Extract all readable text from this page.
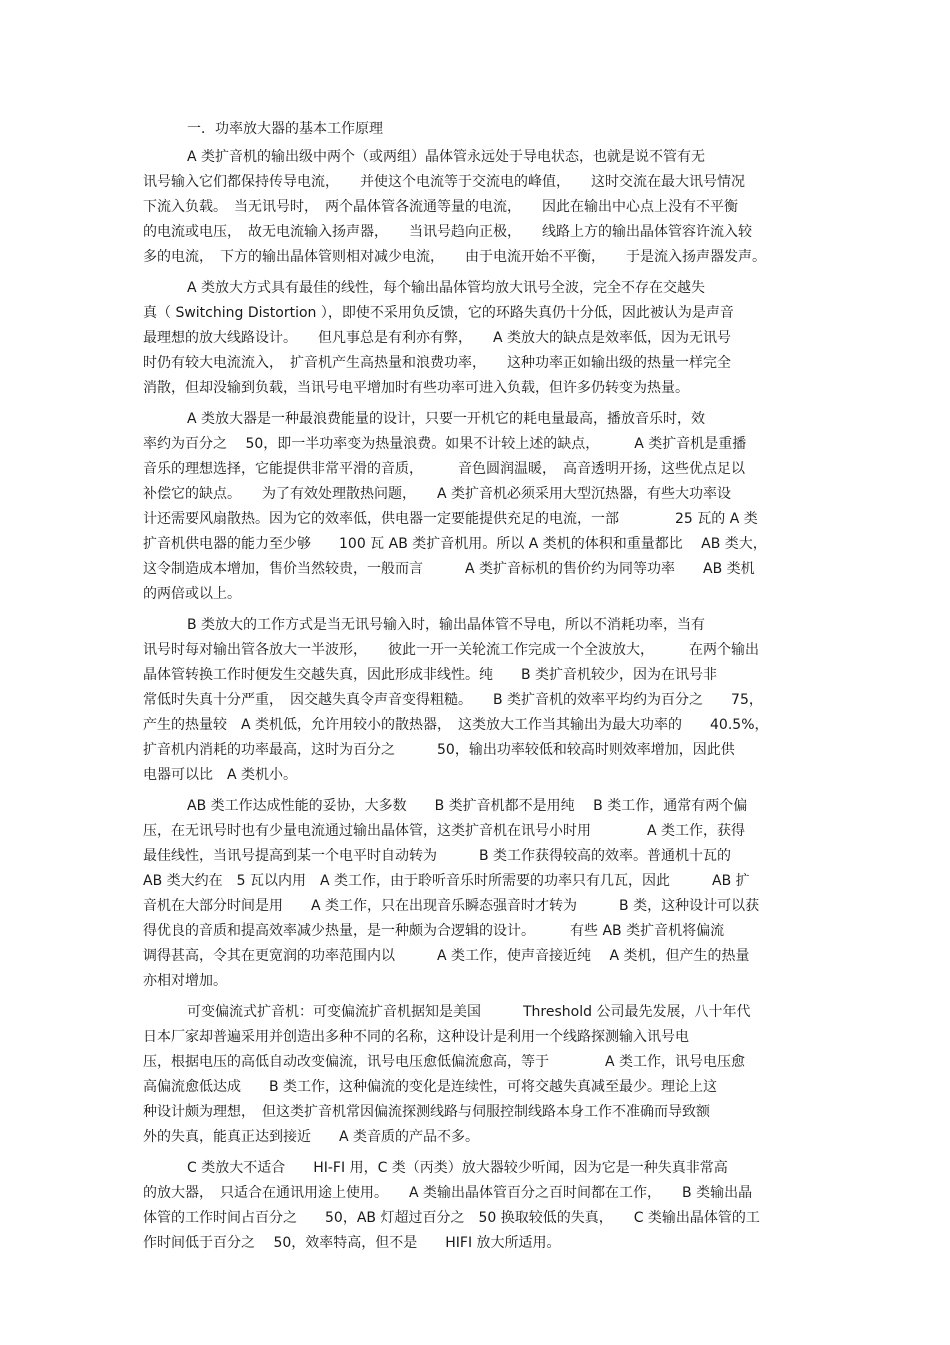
一．功率放大器的基本工作原理
A 类扩音机的输出级中两个（或两组）晶体管永远处于导电状态，也就是说不管有无
讯号输入它们都保持传导电流，　　并使这个电流等于交流电的峰值，　　这时交流在最大讯号情况
下流入负载。　当无讯号时，　两个晶体管各流通等量的电流，　　因此在输出中心点上没有不平衡
的电流或电压，　故无电流输入扬声器，　　当讯号趋向正极，　　线路上方的输出晶体管容许流入较
多的电流，　下方的输出晶体管则相对减少电流，　　由于电流开始不平衡，　　于是流入扬声器发声。
A 类放大方式具有最佳的线性，每个输出晶体管均放大讯号全波，完全不存在交越失
真（ Switching Distortion ），即使不采用负反馈，它的环路失真仍十分低，因此被认为是声音
最理想的放大线路设计。　　但凡事总是有利亦有弊，　　A 类放大的缺点是效率低，因为无讯号
时仍有较大电流流入，　扩音机产生高热量和浪费功率，　　这种功率正如输出级的热量一样完全
消散，但却没输到负载，当讯号电平增加时有些功率可进入负载，但许多仍转变为热量。
A 类放大器是一种最浪费能量的设计，只要一开机它的耗电量最高，播放音乐时，效
率约为百分之　 50，即一半功率变为热量浪费。如果不计较上述的缺点，　　　A 类扩音机是重播
音乐的理想选择，它能提供非常平滑的音质，　　　音色圆润温暖，　高音透明开扬，这些优点足以
补偿它的缺点。　　为了有效处理散热问题，　　A 类扩音机必须采用大型沉热器，有些大功率设
计还需要风扇散热。因为它的效率低，供电器一定要能提供充足的电流，一部　　　　25 瓦的 A 类
扩音机供电器的能力至少够　　100 瓦 AB 类扩音机用。所以 A 类机的体积和重量都比　 AB 类大，
这令制造成本增加，售价当然较贵，一般而言　　　A 类扩音标机的售价约为同等功率　　AB 类机
的两倍或以上。
B 类放大的工作方式是当无讯号输入时，输出晶体管不导电，所以不消耗功率，当有
讯号时每对输出管各放大一半波形，　　彼此一开一关轮流工作完成一个全波放大，　　　在两个输出
晶体管转换工作时便发生交越失真，因此形成非线性。纯　　B 类扩音机较少，因为在讯号非
常低时失真十分严重，　因交越失真令声音变得粗糙。　　B 类扩音机的效率平均约为百分之　　75，
产生的热量较　A 类机低，允许用较小的散热器，　这类放大工作当其输出为最大功率的　　40.5%，
扩音机内消耗的功率最高，这时为百分之　　　50，输出功率较低和较高时则效率增加，因此供
电器可以比　A 类机小。
AB 类工作达成性能的妥协，大多数　　B 类扩音机都不是用纯　 B 类工作，通常有两个偏
压，在无讯号时也有少量电流通过输出晶体管，这类扩音机在讯号小时用　　　　A 类工作，获得
最佳线性，当讯号提高到某一个电平时自动转为　　　B 类工作获得较高的效率。普通机十瓦的
AB 类大约在　5 瓦以内用　A 类工作，由于聆听音乐时所需要的功率只有几瓦，因此　　　AB 扩
音机在大部分时间是用　　A 类工作，只在出现音乐瞬态强音时才转为　　　B 类，这种设计可以获
得优良的音质和提高效率减少热量，是一种颇为合逻辑的设计。　　　有些 AB 类扩音机将偏流
调得甚高，令其在更宽润的功率范围内以　　　A 类工作，使声音接近纯　 A 类机，但产生的热量
亦相对增加。
可变偏流式扩音机：可变偏流扩音机据知是美国　　　Threshold 公司最先发展，八十年代
日本厂家却普遍采用并创造出多种不同的名称，这种设计是利用一个线路探测输入讯号电
压，根据电压的高低自动改变偏流，讯号电压愈低偏流愈高，等于　　　　A 类工作，讯号电压愈
高偏流愈低达成　　B 类工作，这种偏流的变化是连续性，可将交越失真减至最少。理论上这
种设计颇为理想，　但这类扩音机常因偏流探测线路与伺服控制线路本身工作不准确而导致额
外的失真，能真正达到接近　　A 类音质的产品不多。
C 类放大不适合　　HI-FI 用，C 类（丙类）放大器较少听闻，因为它是一种失真非常高
的放大器，　只适合在通讯用途上使用。　　A 类输出晶体管百分之百时间都在工作，　　B 类输出晶
体管的工作时间占百分之　　50，AB 灯超过百分之　50 换取较低的失真，　　C 类输出晶体管的工
作时间低于百分之　 50，效率特高，但不是　　HIFI 放大所适用。
